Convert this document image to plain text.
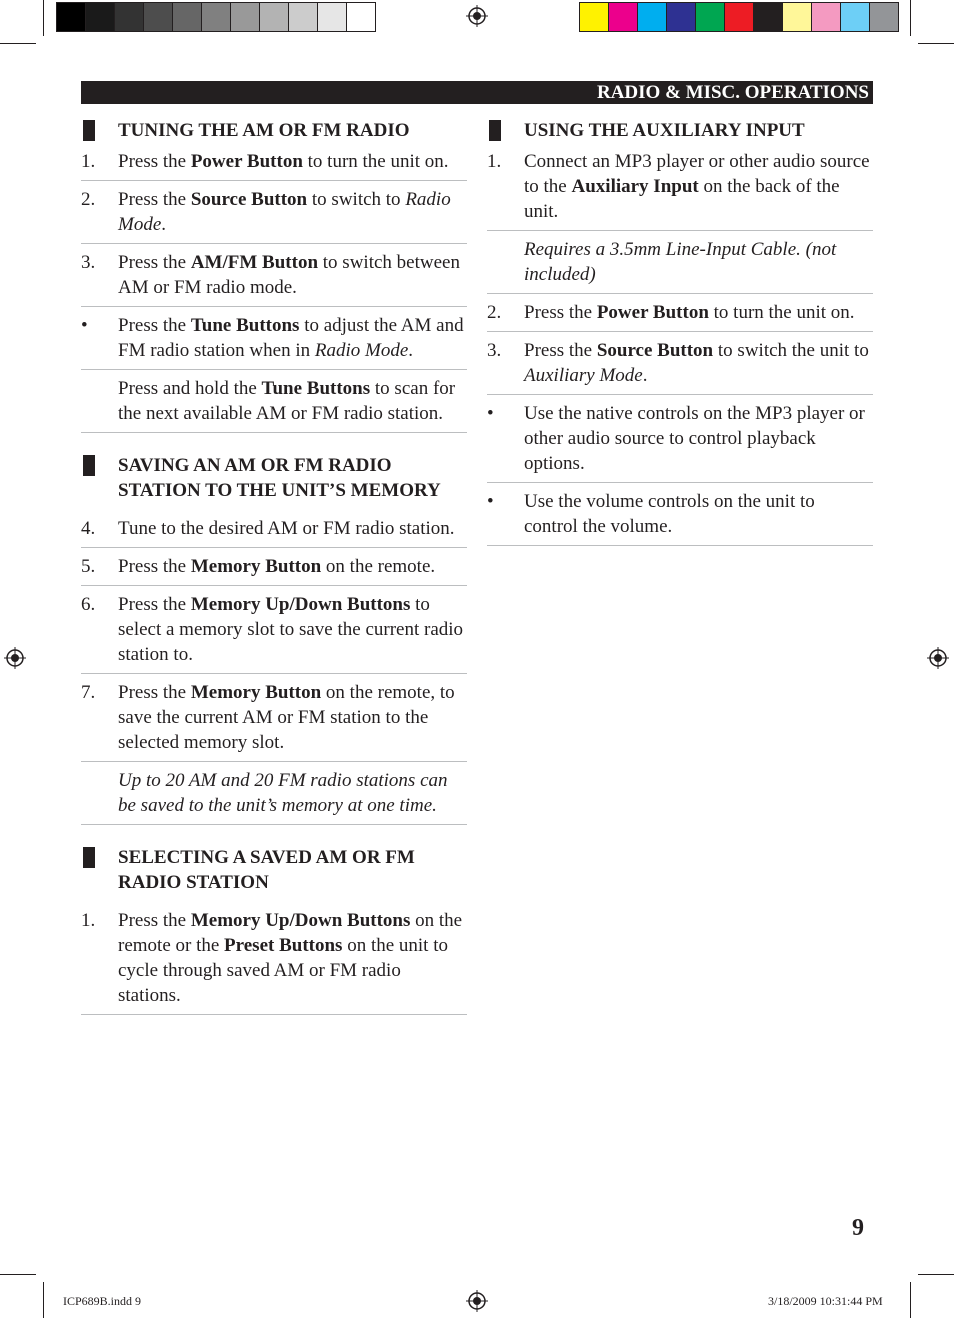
RADIO & MISC. OPERATIONS
TUNING THE AM OR FM RADIO
1. Press the Power Button to turn the unit on.
2. Press the Source Button to switch to Radio Mode.
3. Press the AM/FM Button to switch between AM or FM radio mode.
• Press the Tune Buttons to adjust the AM and FM radio station when in Radio Mode.
Press and hold the Tune Buttons to scan for the next available AM or FM radio station.
SAVING AN AM OR FM RADIO STATION TO THE UNIT’S MEMORY
4. Tune to the desired AM or FM radio station.
5. Press the Memory Button on the remote.
6. Press the Memory Up/Down Buttons to select a memory slot to save the current radio station to.
7. Press the Memory Button on the remote, to save the current AM or FM station to the selected memory slot.
Up to 20 AM and 20 FM radio stations can be saved to the unit’s memory at one time.
SELECTING A SAVED AM OR FM RADIO STATION
1. Press the Memory Up/Down Buttons on the remote or the Preset Buttons on the unit to cycle through saved AM or FM radio stations.
USING THE AUXILIARY INPUT
1. Connect an MP3 player or other audio source to the Auxiliary Input on the back of the unit.
Requires a 3.5mm Line-Input Cable. (not included)
2. Press the Power Button to turn the unit on.
3. Press the Source Button to switch the unit to Auxiliary Mode.
• Use the native controls on the MP3 player or other audio source to control playback options.
• Use the volume controls on the unit to control the volume.
9
ICP689B.indd 9	3/18/2009 10:31:44 PM
